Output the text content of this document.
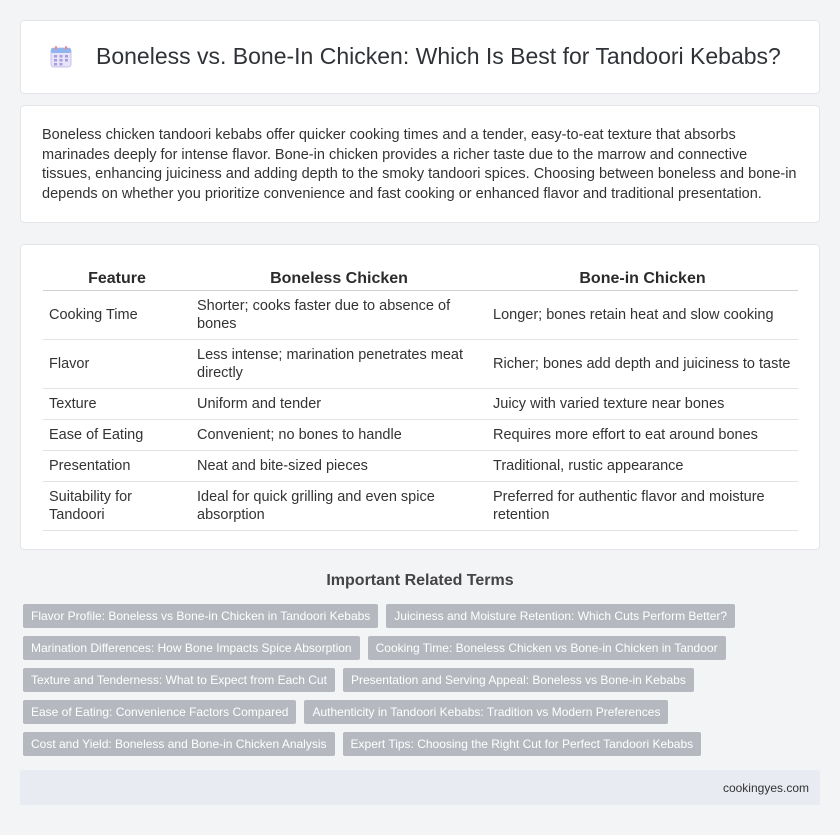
Boneless vs. Bone-In Chicken: Which Is Best for Tandoori Kebabs?

Boneless chicken tandoori kebabs offer quicker cooking times and a tender, easy-to-eat texture that absorbs marinades deeply for intense flavor. Bone-in chicken provides a richer taste due to the marrow and connective tissues, enhancing juiciness and adding depth to the smoky tandoori spices. Choosing between boneless and bone-in depends on whether you prioritize convenience and fast cooking or enhanced flavor and traditional presentation.

Feature	Boneless Chicken	Bone-in Chicken
Cooking Time	Shorter; cooks faster due to absence of bones	Longer; bones retain heat and slow cooking
Flavor	Less intense; marination penetrates meat directly	Richer; bones add depth and juiciness to taste
Texture	Uniform and tender	Juicy with varied texture near bones
Ease of Eating	Convenient; no bones to handle	Requires more effort to eat around bones
Presentation	Neat and bite-sized pieces	Traditional, rustic appearance
Suitability for Tandoori	Ideal for quick grilling and even spice absorption	Preferred for authentic flavor and moisture retention
Important Related Terms
Flavor Profile: Boneless vs Bone-in Chicken in Tandoori Kebabs	Juiciness and Moisture Retention: Which Cuts Perform Better?
Marination Differences: How Bone Impacts Spice Absorption	Cooking Time: Boneless Chicken vs Bone-in Chicken in Tandoor
Texture and Tenderness: What to Expect from Each Cut	Presentation and Serving Appeal: Boneless vs Bone-in Kebabs
Ease of Eating: Convenience Factors Compared	Authenticity in Tandoori Kebabs: Tradition vs Modern Preferences
Cost and Yield: Boneless and Bone-in Chicken Analysis	Expert Tips: Choosing the Right Cut for Perfect Tandoori Kebabs
cookingyes.com
